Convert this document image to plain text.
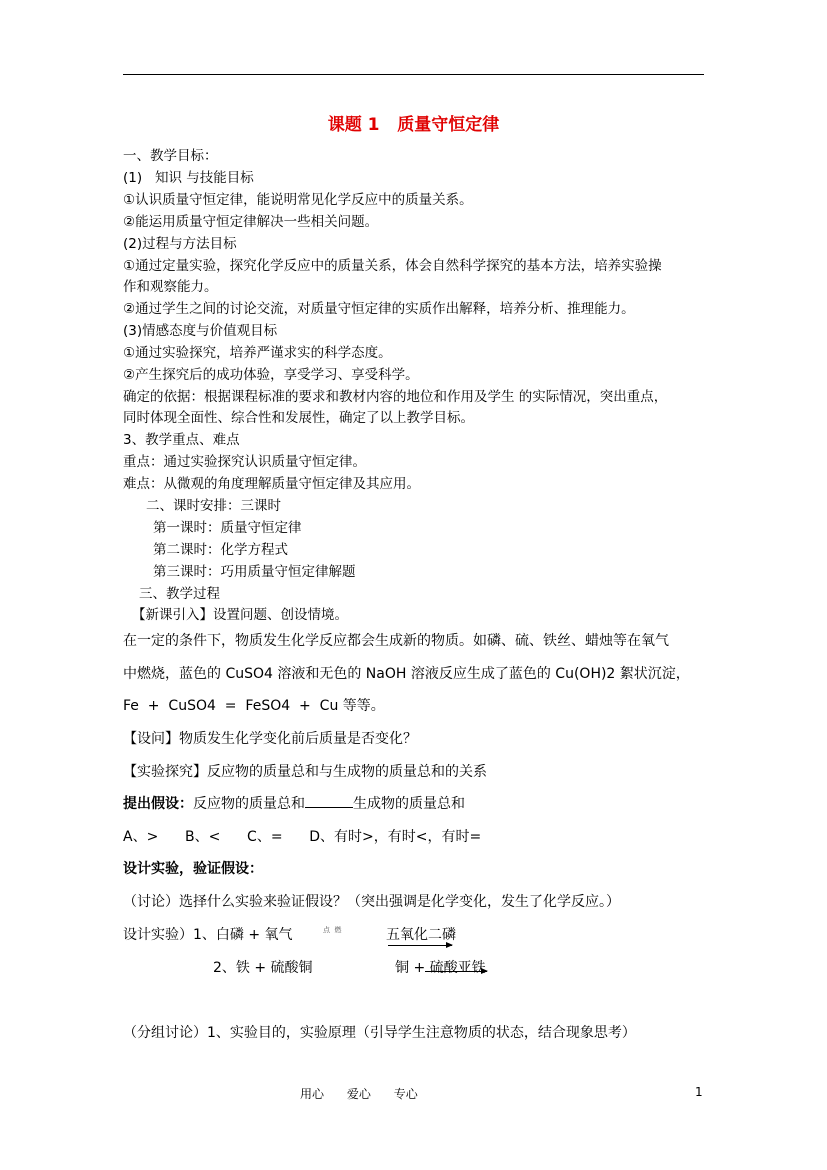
课题 1   质量守恒定律
一、教学目标：
(1)   知识 与技能目标
①认识质量守恒定律，能说明常见化学反应中的质量关系。
②能运用质量守恒定律解决一些相关问题。
(2)过程与方法目标
①通过定量实验，探究化学反应中的质量关系，体会自然科学探究的基本方法，培养实验操
作和观察能力。
②通过学生之间的讨论交流，对质量守恒定律的实质作出解释，培养分析、推理能力。
(3)情感态度与价值观目标
①通过实验探究，培养严谨求实的科学态度。
②产生探究后的成功体验，享受学习、享受科学。
确定的依据：根据课程标准的要求和教材内容的地位和作用及学生 的实际情况，突出重点，
同时体现全面性、综合性和发展性，确定了以上教学目标。
3、教学重点、难点
重点：通过实验探究认识质量守恒定律。
难点：从微观的角度理解质量守恒定律及其应用。
二、课时安排：三课时
第一课时：质量守恒定律
第二课时：化学方程式
第三课时：巧用质量守恒定律解题
三、教学过程
【新课引入】设置问题、创设情境。
在一定的条件下，物质发生化学反应都会生成新的物质。如磷、硫、铁丝、蜡烛等在氧气
中燃烧，蓝色的 CuSO4 溶液和无色的 NaOH 溶液反应生成了蓝色的 Cu(OH)2 絮状沉淀，
Fe  +  CuSO4  =  FeSO4  +  Cu 等等。
【设问】物质发生化学变化前后质量是否变化？
【实验探究】反应物的质量总和与生成物的质量总和的关系
提出假设：反应物的质量总和	生成物的质量总和
A、>      B、<      C、=      D、有时>，有时<，有时=
设计实验，验证假设：
（讨论）选择什么实验来验证假设？（突出强调是化学变化，发生了化学反应。）
设计实验）1、白磷 + 氧气	点  燃	五氧化二磷
2、铁 + 硫酸铜	铜 + 硫酸亚铁
（分组讨论）1、实验目的，实验原理（引导学生注意物质的状态，结合现象思考）
用心      爱心      专心	1
